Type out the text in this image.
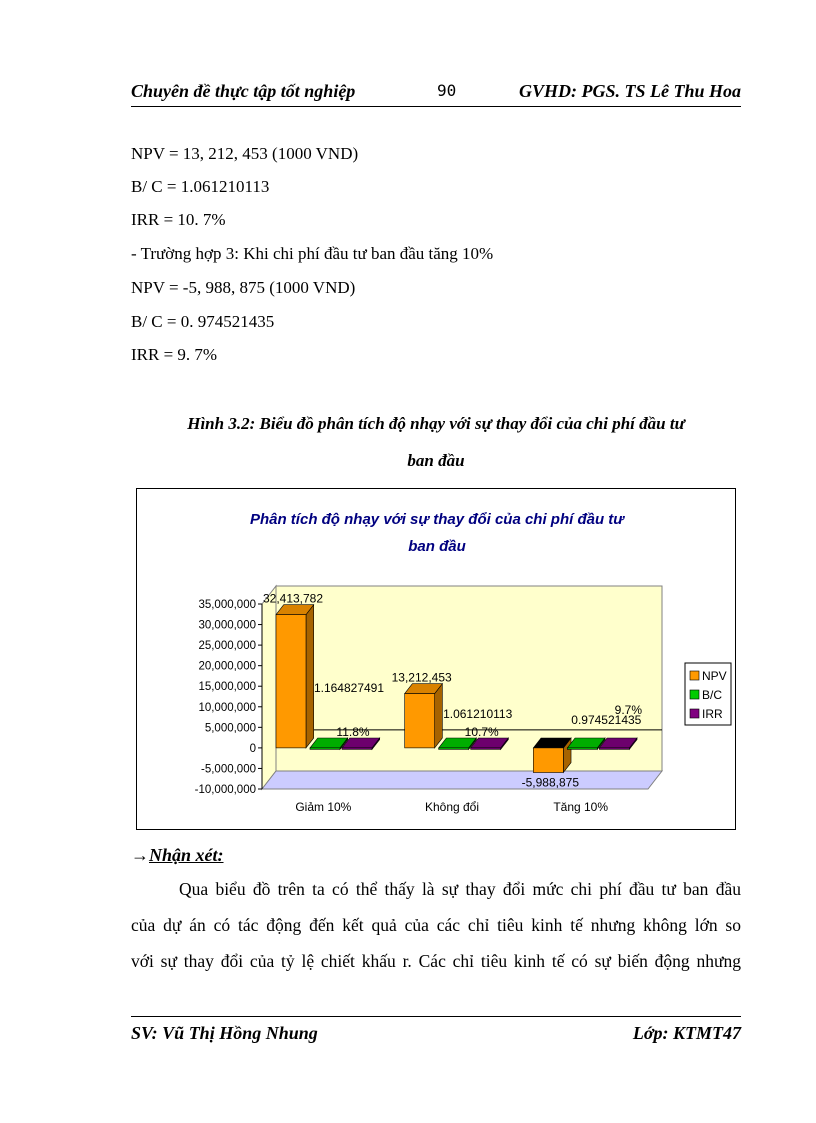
Chuyên đề thực tập tốt nghiệp	90	GVHD: PGS. TS Lê Thu Hoa
NPV = 13, 212, 453 (1000 VND)
B/ C = 1.061210113
IRR = 10. 7%
- Trường hợp 3: Khi chi phí đầu tư ban đầu tăng 10%
NPV = -5, 988, 875 (1000 VND)
B/ C = 0. 974521435
IRR = 9. 7%
Hình 3.2: Biểu đồ phân tích độ nhạy với sự thay đổi của chi phí đầu tư
ban đầu
Phân tích độ nhạy với sự thay đổi của chi phí đầu tư
ban đầu
35,000,000
30,000,000
25,000,000
20,000,000
15,000,000
10,000,000
5,000,000
0
-5,000,000
-10,000,000
Giảm 10%
32,413,782
1.164827491
11.8%
Không đổi
13,212,453
1.061210113
10.7%
Tăng 10%
-5,988,875
0.974521435
9.7%
NPV
B/C
IRR
→Nhận xét:
Qua biểu đồ trên ta có thể thấy là sự thay đổi mức chi phí đầu tư ban đầu
của dự án có tác động đến kết quả của các chỉ tiêu kinh tế nhưng không lớn so
với sự thay đổi của tỷ lệ chiết khấu r. Các chỉ tiêu kinh tế có sự biến động nhưng
SV: Vũ Thị Hồng Nhung	Lớp: KTMT47
